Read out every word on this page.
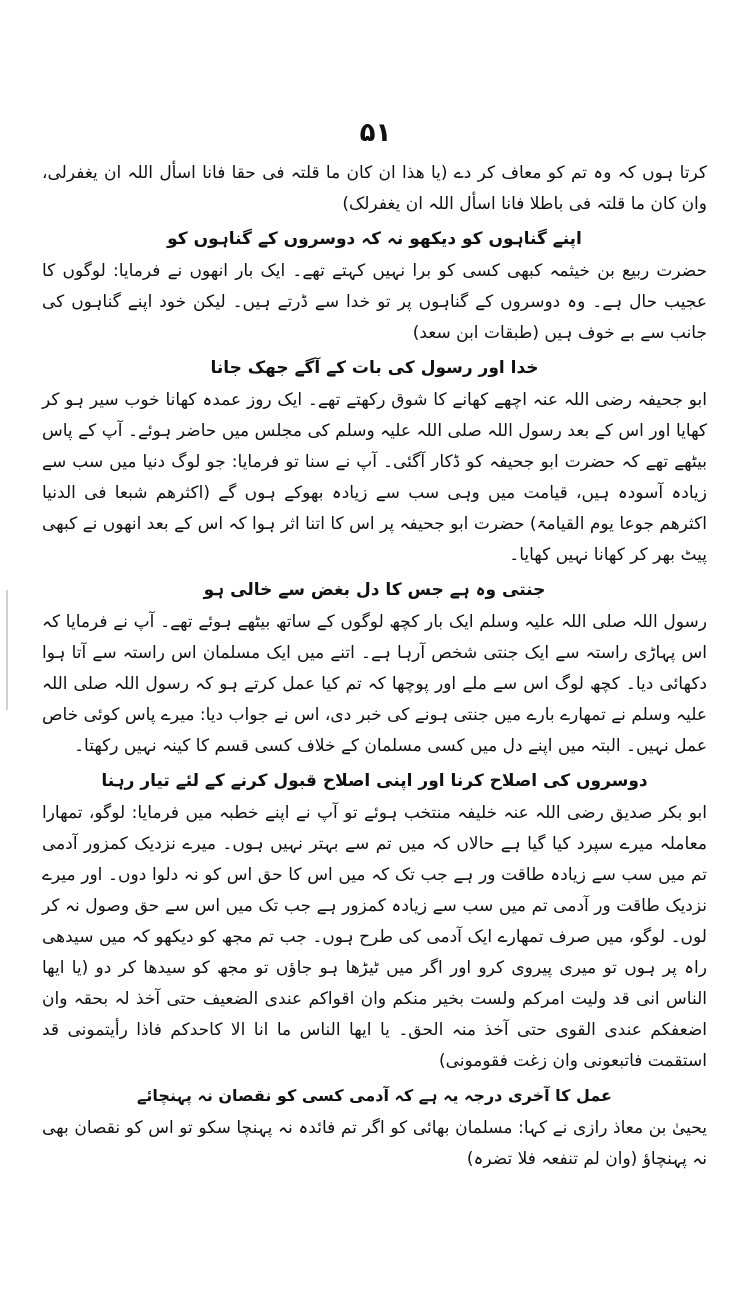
۵۱

کرتا ہوں کہ وہ تم کو معاف کر دے (یا ھذا ان کان ما قلتہ فی حقا فانا اسأل اللہ ان یغفرلی، وان کان ما قلتہ فی باطلا فانا اسأل اللہ ان یغفرلک)

اپنے گناہوں کو دیکھو نہ کہ دوسروں کے گناہوں کو

حضرت ربیع بن خیثمہ کبھی کسی کو برا نہیں کہتے تھے۔ ایک بار انھوں نے فرمایا: لوگوں کا عجیب حال ہے۔ وہ دوسروں کے گناہوں پر تو خدا سے ڈرتے ہیں۔ لیکن خود اپنے گناہوں کی جانب سے بے خوف ہیں (طبقات ابن سعد)

خدا اور رسول کی بات کے آگے جھک جانا

ابو جحیفہ رضی اللہ عنہ اچھے کھانے کا شوق رکھتے تھے۔ ایک روز عمدہ کھانا خوب سیر ہو کر کھایا اور اس کے بعد رسول اللہ صلی اللہ علیہ وسلم کی مجلس میں حاضر ہوئے۔ آپ کے پاس بیٹھے تھے کہ حضرت ابو جحیفہ کو ڈکار آگئی۔ آپ نے سنا تو فرمایا: جو لوگ دنیا میں سب سے زیادہ آسودہ ہیں، قیامت میں وہی سب سے زیادہ بھوکے ہوں گے (اکثرھم شبعا فی الدنیا اکثرھم جوعا یوم القیامۃ) حضرت ابو جحیفہ پر اس کا اتنا اثر ہوا کہ اس کے بعد انھوں نے کبھی پیٹ بھر کر کھانا نہیں کھایا۔

جنتی وہ ہے جس کا دل بغض سے خالی ہو

رسول اللہ صلی اللہ علیہ وسلم ایک بار کچھ لوگوں کے ساتھ بیٹھے ہوئے تھے۔ آپ نے فرمایا کہ اس پہاڑی راستہ سے ایک جنتی شخص آرہا ہے۔ اتنے میں ایک مسلمان اس راستہ سے آتا ہوا دکھائی دیا۔ کچھ لوگ اس سے ملے اور پوچھا کہ تم کیا عمل کرتے ہو کہ رسول اللہ صلی اللہ علیہ وسلم نے تمھارے بارے میں جنتی ہونے کی خبر دی، اس نے جواب دیا: میرے پاس کوئی خاص عمل نہیں۔ البتہ میں اپنے دل میں کسی مسلمان کے خلاف کسی قسم کا کینہ نہیں رکھتا۔

دوسروں کی اصلاح کرنا اور اپنی اصلاح قبول کرنے کے لئے تیار رہنا

ابو بکر صدیق رضی اللہ عنہ خلیفہ منتخب ہوئے تو آپ نے اپنے خطبہ میں فرمایا: لوگو، تمھارا معاملہ میرے سپرد کیا گیا ہے حالاں کہ میں تم سے بہتر نہیں ہوں۔ میرے نزدیک کمزور آدمی تم میں سب سے زیادہ طاقت ور ہے جب تک کہ میں اس کا حق اس کو نہ دلوا دوں۔ اور میرے نزدیک طاقت ور آدمی تم میں سب سے زیادہ کمزور ہے جب تک میں اس سے حق وصول نہ کر لوں۔ لوگو، میں صرف تمھارے ایک آدمی کی طرح ہوں۔ جب تم مجھ کو دیکھو کہ میں سیدھی راہ پر ہوں تو میری پیروی کرو اور اگر میں ٹیڑھا ہو جاؤں تو مجھ کو سیدھا کر دو (یا ایھا الناس انی قد ولیت امرکم ولست بخیر منکم وان اقواکم عندی الضعیف حتی آخذ لہ بحقہ وان اضعفکم عندی القوی حتی آخذ منہ الحق۔ یا ایھا الناس ما انا الا کاحدکم فاذا رأیتمونی قد استقمت فاتبعونی وان زغت فقومونی)

عمل کا آخری درجہ یہ ہے کہ آدمی کسی کو نقصان نہ پہنچائے

یحییٰ بن معاذ رازی نے کہا: مسلمان بھائی کو اگر تم فائدہ نہ پہنچا سکو تو اس کو نقصان بھی نہ پہنچاؤ (وان لم تنفعہ فلا تضرہ)
